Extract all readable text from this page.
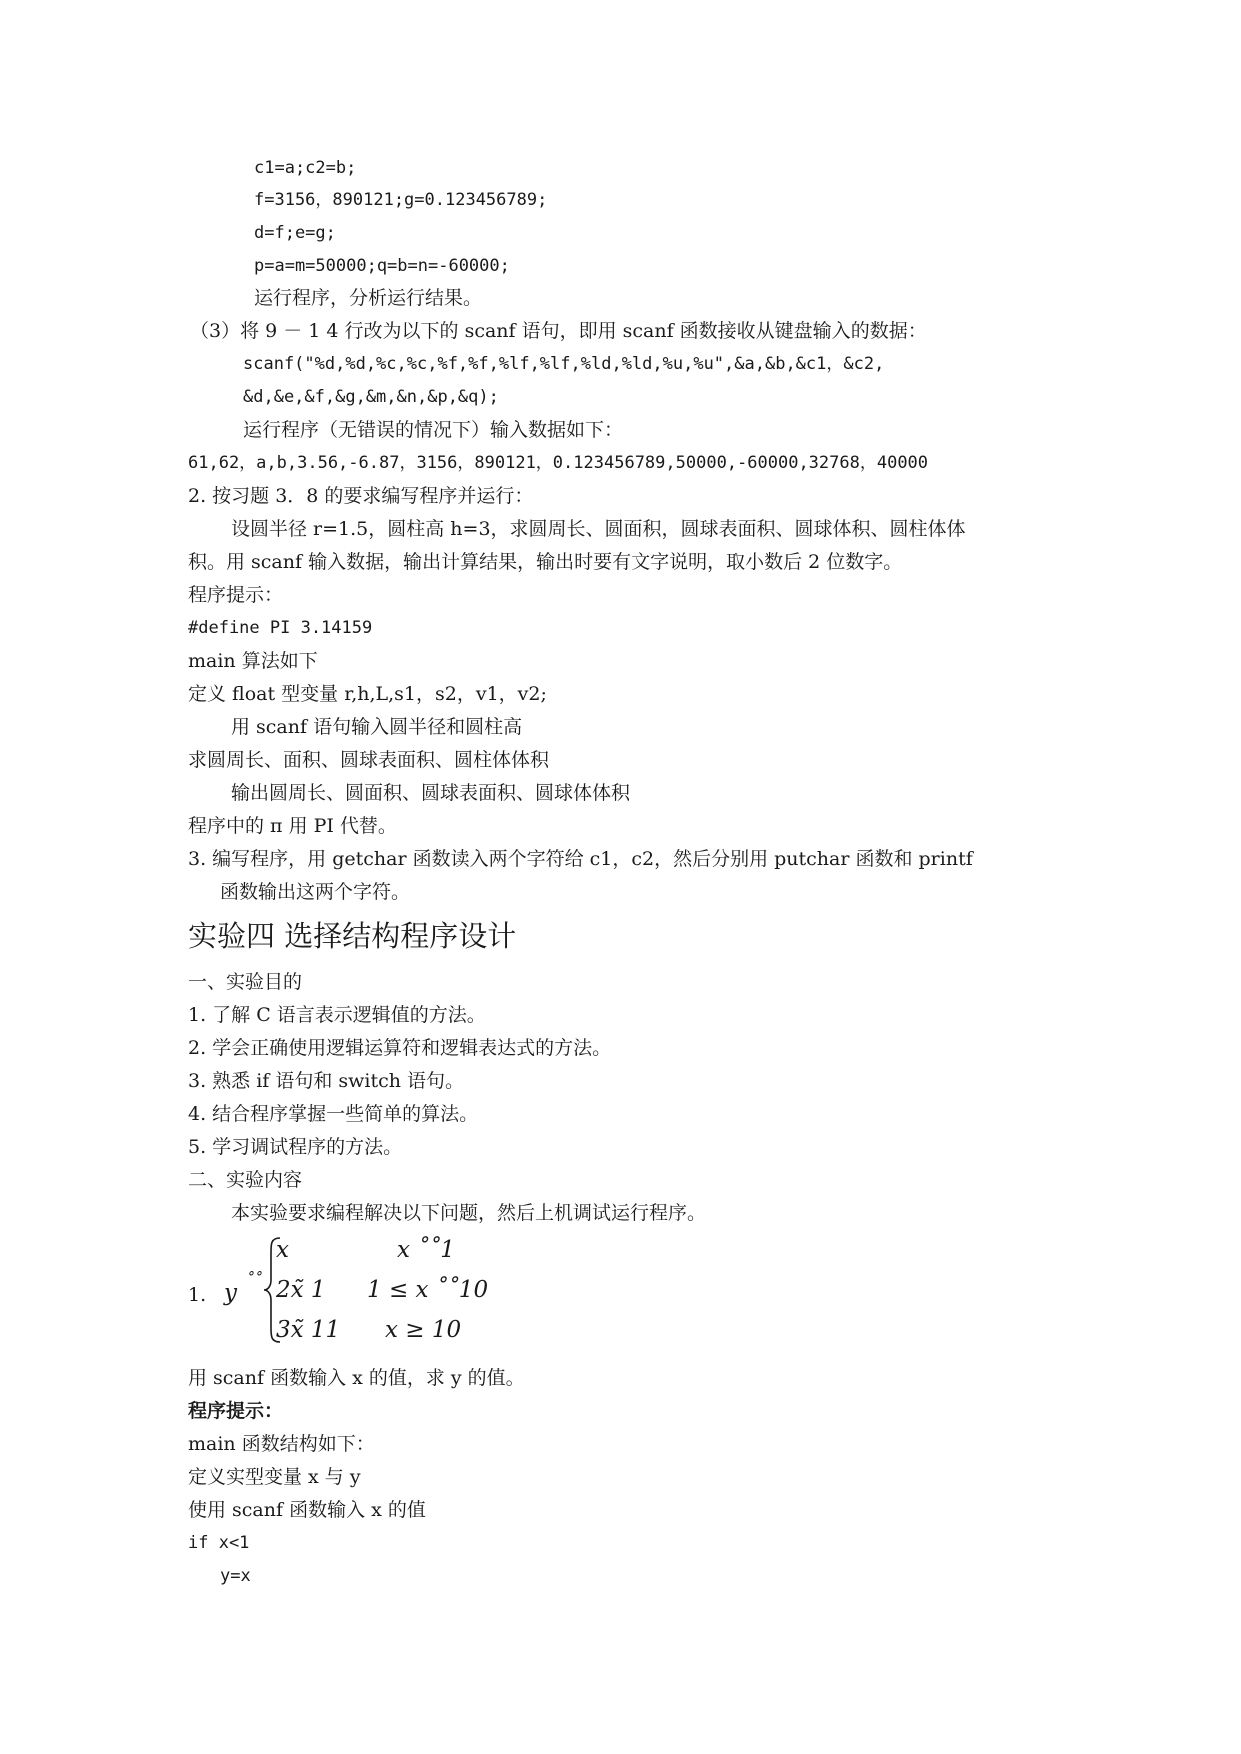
c1=a;c2=b;
f=3156，890121;g=0.123456789;
d=f;e=g;
p=a=m=50000;q=b=n=-60000;
运行程序，分析运行结果。
（3）将 9 － 1 4 行改为以下的 scanf 语句，即用 scanf 函数接收从键盘输入的数据：
scanf("%d,%d,%c,%c,%f,%f,%lf,%lf,%ld,%ld,%u,%u",&a,&b,&c1，&c2,
&d,&e,&f,&g,&m,&n,&p,&q);
运行程序（无错误的情况下）输入数据如下：
61,62，a,b,3.56,-6.87，3156，890121，0.123456789,50000,-60000,32768，40000
2. 按习题 3．8 的要求编写程序并运行：
设圆半径 r=1.5，圆柱高 h=3，求圆周长、圆面积，圆球表面积、圆球体积、圆柱体体
积。用 scanf 输入数据，输出计算结果，输出时要有文字说明，取小数后 2 位数字。
程序提示：
#define PI 3.14159
main 算法如下
定义 float 型变量 r,h,L,s1，s2，v1，v2;
用 scanf 语句输入圆半径和圆柱高
求圆周长、面积、圆球表面积、圆柱体体积
输出圆周长、圆面积、圆球表面积、圆球体体积
程序中的 π 用 PI 代替。
3. 编写程序，用 getchar 函数读入两个字符给 c1，c2，然后分别用 putchar 函数和 printf
函数输出这两个字符。
实验四 选择结构程序设计
一、实验目的
1. 了解 C 语言表示逻辑值的方法。
2. 学会正确使用逻辑运算符和逻辑表达式的方法。
3. 熟悉 if 语句和 switch 语句。
4. 结合程序掌握一些简单的算法。
5. 学习调试程序的方法。
二、实验内容
本实验要求编程解决以下问题，然后上机调试运行程序。
1. y
˚˚
x	x ˚˚1
2x̃ 1 1 ≤ x ˚˚10
3x̃ 11 x ≥ 10
用 scanf 函数输入 x 的值，求 y 的值。
程序提示：
main 函数结构如下：
定义实型变量 x 与 y
使用 scanf 函数输入 x 的值
if x<1
y=x
